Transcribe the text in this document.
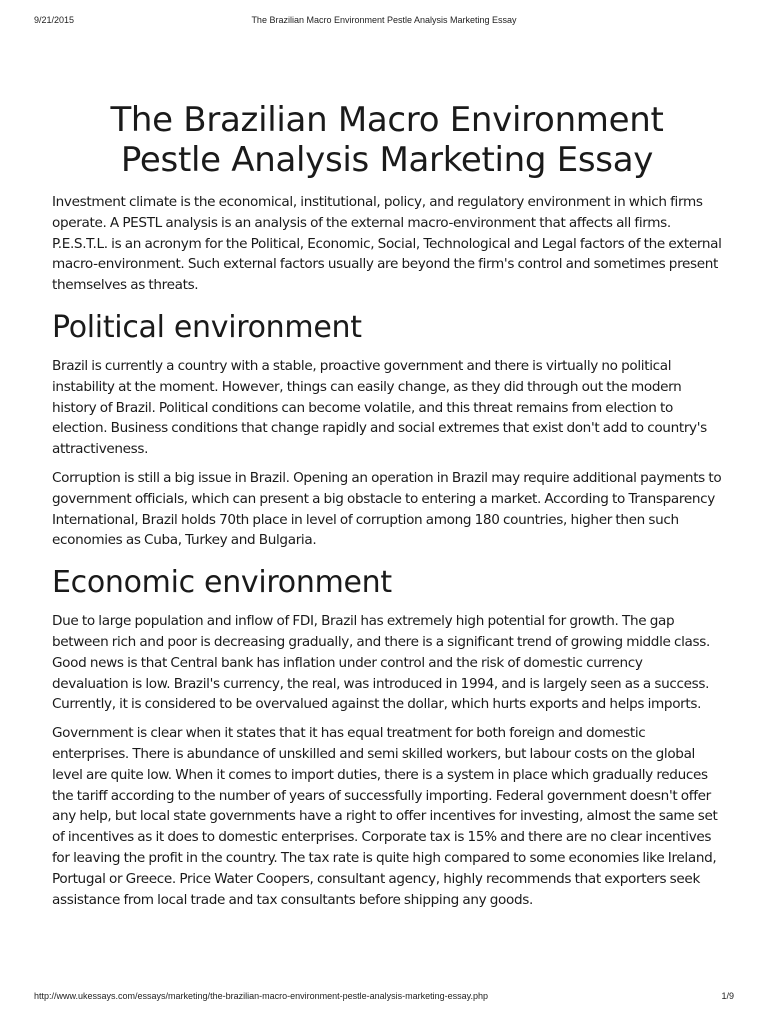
9/21/2015	The Brazilian Macro Environment Pestle Analysis Marketing Essay
The Brazilian Macro Environment
Pestle Analysis Marketing Essay

Investment climate is the economical, institutional, policy, and regulatory environment in which firms operate. A PESTL analysis is an analysis of the external macro-environment that affects all firms. P.E.S.T.L. is an acronym for the Political, Economic, Social, Technological and Legal factors of the external macro-environment. Such external factors usually are beyond the firm's control and sometimes present themselves as threats.

Political environment

Brazil is currently a country with a stable, proactive government and there is virtually no political instability at the moment. However, things can easily change, as they did through out the modern history of Brazil. Political conditions can become volatile, and this threat remains from election to election. Business conditions that change rapidly and social extremes that exist don't add to country's attractiveness.

Corruption is still a big issue in Brazil. Opening an operation in Brazil may require additional payments to government officials, which can present a big obstacle to entering a market. According to Transparency International, Brazil holds 70th place in level of corruption among 180 countries, higher then such economies as Cuba, Turkey and Bulgaria.

Economic environment

Due to large population and inflow of FDI, Brazil has extremely high potential for growth. The gap between rich and poor is decreasing gradually, and there is a significant trend of growing middle class. Good news is that Central bank has inflation under control and the risk of domestic currency devaluation is low. Brazil's currency, the real, was introduced in 1994, and is largely seen as a success. Currently, it is considered to be overvalued against the dollar, which hurts exports and helps imports.

Government is clear when it states that it has equal treatment for both foreign and domestic enterprises. There is abundance of unskilled and semi skilled workers, but labour costs on the global level are quite low. When it comes to import duties, there is a system in place which gradually reduces the tariff according to the number of years of successfully importing. Federal government doesn't offer any help, but local state governments have a right to offer incentives for investing, almost the same set of incentives as it does to domestic enterprises. Corporate tax is 15% and there are no clear incentives for leaving the profit in the country. The tax rate is quite high compared to some economies like Ireland, Portugal or Greece. Price Water Coopers, consultant agency, highly recommends that exporters seek assistance from local trade and tax consultants before shipping any goods.

http://www.ukessays.com/essays/marketing/the-brazilian-macro-environment-pestle-analysis-marketing-essay.php	1/9
